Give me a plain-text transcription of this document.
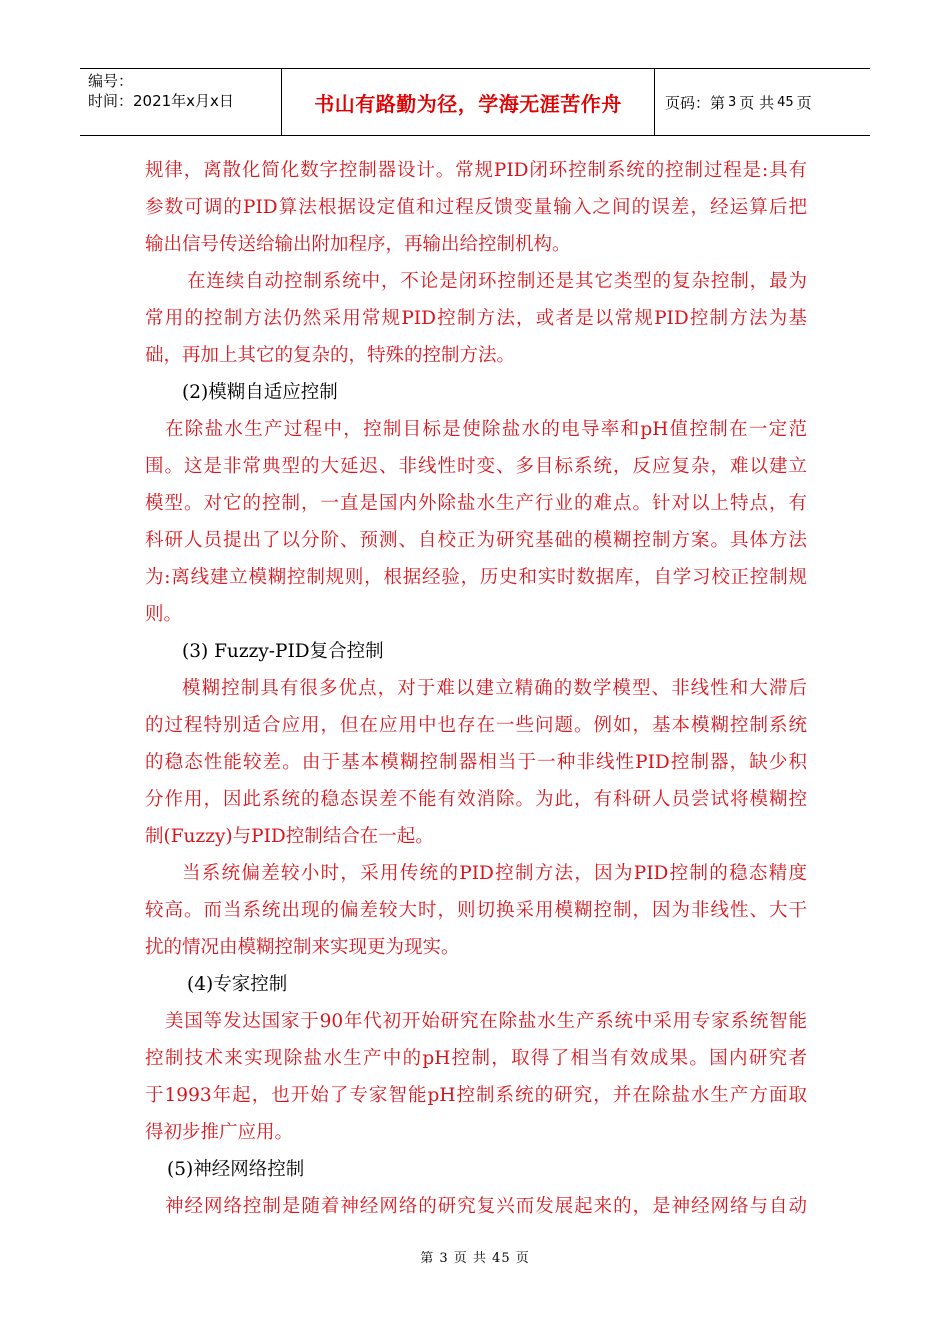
编号：
时间：2021年x月x日	书山有路勤为径，学海无涯苦作舟	页码：第 3 页 共 45 页
规律，离散化简化数字控制器设计。常规PID闭环控制系统的控制过程是:具有
参数可调的PID算法根据设定值和过程反馈变量输入之间的误差，经运算后把
输出信号传送给输出附加程序，再输出给控制机构。
在连续自动控制系统中，不论是闭环控制还是其它类型的复杂控制，最为
常用的控制方法仍然采用常规PID控制方法，或者是以常规PID控制方法为基
础，再加上其它的复杂的，特殊的控制方法。
(2)模糊自适应控制
在除盐水生产过程中，控制目标是使除盐水的电导率和pH值控制在一定范
围。这是非常典型的大延迟、非线性时变、多目标系统，反应复杂，难以建立
模型。对它的控制，一直是国内外除盐水生产行业的难点。针对以上特点，有
科研人员提出了以分阶、预测、自校正为研究基础的模糊控制方案。具体方法
为:离线建立模糊控制规则，根据经验，历史和实时数据库，自学习校正控制规
则。
(3) Fuzzy-PID复合控制
模糊控制具有很多优点，对于难以建立精确的数学模型、非线性和大滞后
的过程特别适合应用，但在应用中也存在一些问题。例如，基本模糊控制系统
的稳态性能较差。由于基本模糊控制器相当于一种非线性PID控制器，缺少积
分作用，因此系统的稳态误差不能有效消除。为此，有科研人员尝试将模糊控
制(Fuzzy)与PID控制结合在一起。
当系统偏差较小时，采用传统的PID控制方法，因为PID控制的稳态精度
较高。而当系统出现的偏差较大时，则切换采用模糊控制，因为非线性、大干
扰的情况由模糊控制来实现更为现实。
(4)专家控制
美国等发达国家于90年代初开始研究在除盐水生产系统中采用专家系统智能
控制技术来实现除盐水生产中的pH控制，取得了相当有效成果。国内研究者
于1993年起，也开始了专家智能pH控制系统的研究，并在除盐水生产方面取
得初步推广应用。
(5)神经网络控制
神经网络控制是随着神经网络的研究复兴而发展起来的，是神经网络与自动
第 3 页 共 45 页
